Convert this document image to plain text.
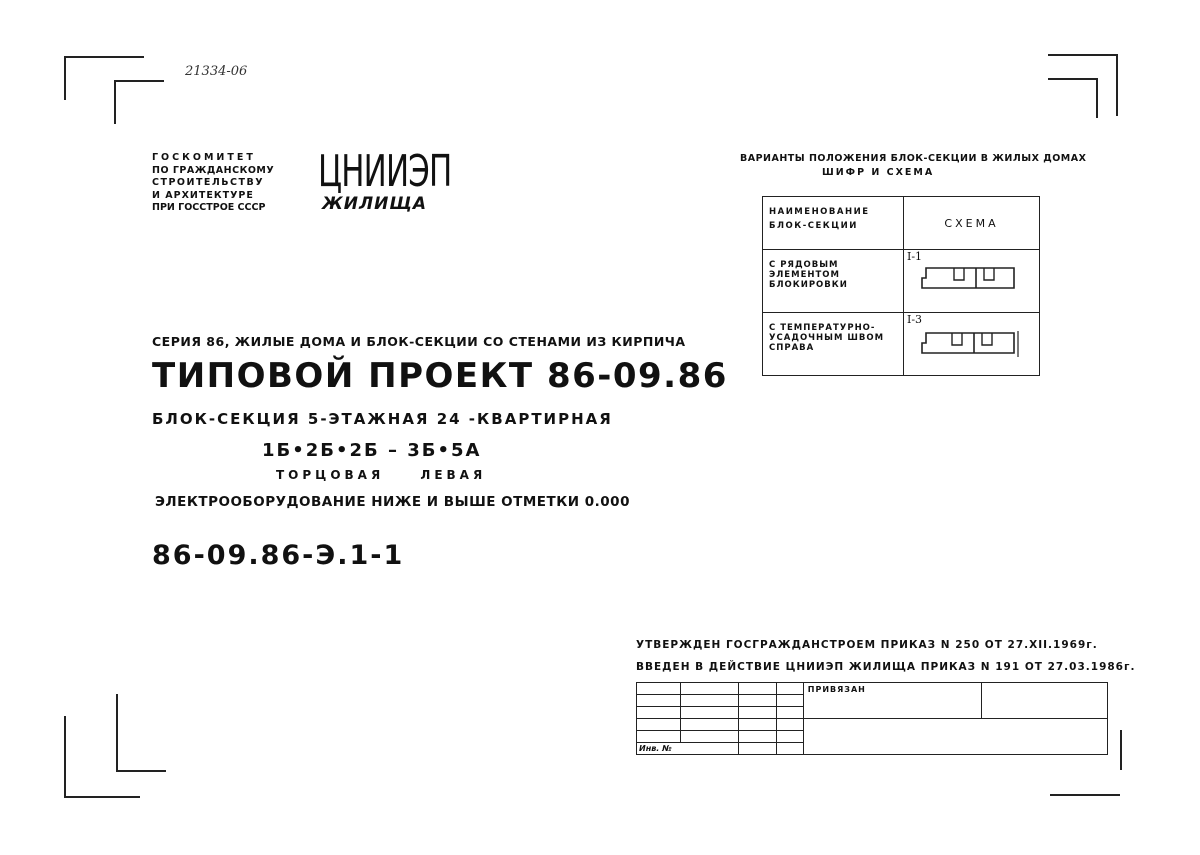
21334-06
ГОСКОМИТЕТ
ПО ГРАЖДАНСКОМУ
СТРОИТЕЛЬСТВУ
И АРХИТЕКТУРЕ
ПРИ ГОССТРОЕ СССР
ЦНИИЭП
ЖИЛИЩА
ВАРИАНТЫ ПОЛОЖЕНИЯ БЛОК-СЕКЦИИ В ЖИЛЫХ ДОМАХ
ШИФР И СХЕМА
НАИМЕНОВАНИЕ БЛОК-СЕКЦИИ	СХЕМА
С РЯДОВЫМ ЭЛЕМЕНТОМ БЛОКИРОВКИ	I-1

С ТЕМПЕРАТУРНО-УСАДОЧНЫМ ШВОМ СПРАВА	I-3
СЕРИЯ 86, ЖИЛЫЕ ДОМА И БЛОК-СЕКЦИИ СО СТЕНАМИ ИЗ КИРПИЧА
ТИПОВОЙ ПРОЕКТ 86-09.86
БЛОК-СЕКЦИЯ 5-ЭТАЖНАЯ 24 -КВАРТИРНАЯ
1Б•2Б•2Б – 3Б•5А
ТОРЦОВАЯ ЛЕВАЯ
ЭЛЕКТРООБОРУДОВАНИЕ НИЖЕ И ВЫШЕ ОТМЕТКИ 0.000
86-09.86-Э.1-1
УТВЕРЖДЕН ГОСГРАЖДАНСТРОЕМ ПРИКАЗ N 250 ОТ 27.XII.1969г.
ВВЕДЕН В ДЕЙСТВИЕ ЦНИИЭП ЖИЛИЩА ПРИКАЗ N 191 ОТ 27.03.1986г.
				ПРИВЯЗАН	

Инв. №					
